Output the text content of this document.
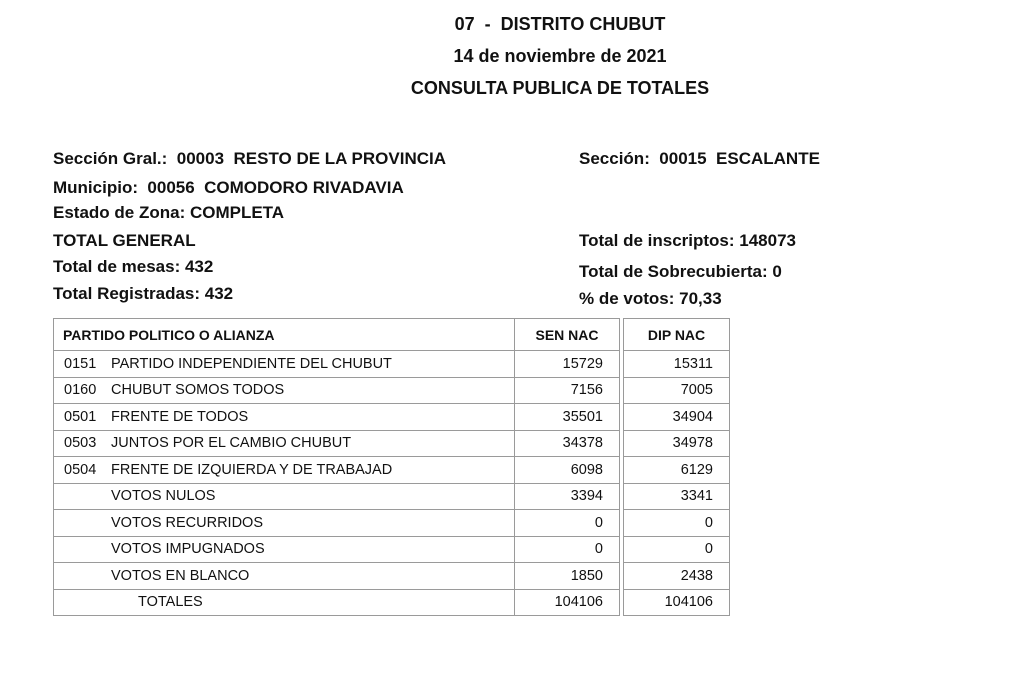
07  -  DISTRITO CHUBUT
14 de noviembre de 2021
CONSULTA PUBLICA DE TOTALES
Sección Gral.:  00003  RESTO DE LA PROVINCIA	Sección:  00015  ESCALANTE
Municipio:  00056  COMODORO RIVADAVIA
Estado de Zona: COMPLETA
TOTAL GENERAL	Total de inscriptos: 148073
Total de mesas: 432	Total de Sobrecubierta: 0
Total Registradas: 432	% de votos: 70,33
PARTIDO POLITICO O ALIANZA	SEN NAC		DIP NAC
0151 PARTIDO INDEPENDIENTE DEL CHUBUT	15729		15311
0160 CHUBUT SOMOS TODOS	7156		7005
0501 FRENTE DE TODOS	35501		34904
0503 JUNTOS POR EL CAMBIO CHUBUT	34378		34978
0504 FRENTE DE IZQUIERDA Y DE TRABAJAD	6098		6129
VOTOS NULOS	3394		3341
VOTOS RECURRIDOS	0		0
VOTOS IMPUGNADOS	0		0
VOTOS EN BLANCO	1850		2438
TOTALES	104106		104106
